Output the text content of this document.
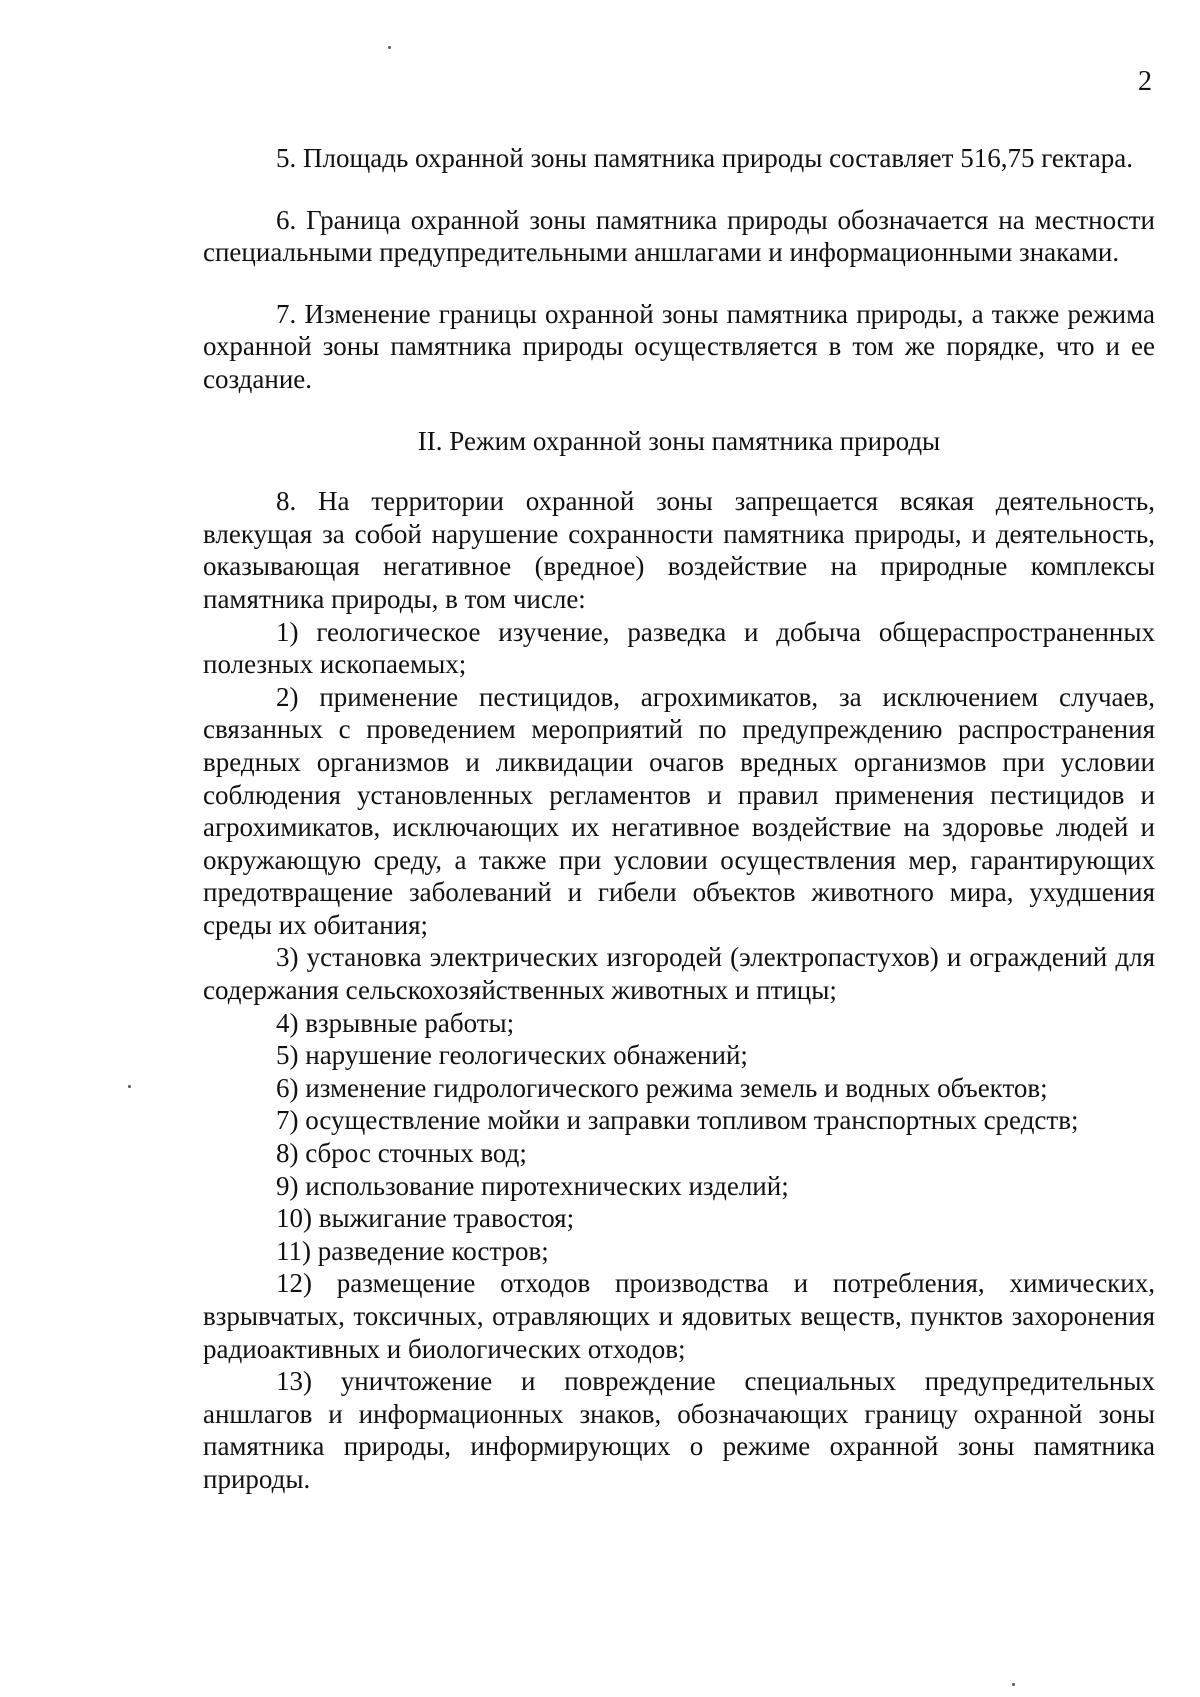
2

5. Площадь охранной зоны памятника природы составляет 516,75 гектара.

6. Граница охранной зоны памятника природы обозначается на местности специальными предупредительными аншлагами и информационными знаками.

7. Изменение границы охранной зоны памятника природы, а также режима охранной зоны памятника природы осуществляется в том же порядке, что и ее создание.

II. Режим охранной зоны памятника природы

8. На территории охранной зоны запрещается всякая деятельность, влекущая за собой нарушение сохранности памятника природы, и деятельность, оказывающая негативное (вредное) воздействие на природные комплексы памятника природы, в том числе:

1) геологическое изучение, разведка и добыча общераспространенных полезных ископаемых;

2) применение пестицидов, агрохимикатов, за исключением случаев, связанных с проведением мероприятий по предупреждению распространения вредных организмов и ликвидации очагов вредных организмов при условии соблюдения установленных регламентов и правил применения пестицидов и агрохимикатов, исключающих их негативное воздействие на здоровье людей и окружающую среду, а также при условии осуществления мер, гарантирующих предотвращение заболеваний и гибели объектов животного мира, ухудшения среды их обитания;

3) установка электрических изгородей (электропастухов) и ограждений для содержания сельскохозяйственных животных и птицы;

4) взрывные работы;

5) нарушение геологических обнажений;

6) изменение гидрологического режима земель и водных объектов;

7) осуществление мойки и заправки топливом транспортных средств;

8) сброс сточных вод;

9) использование пиротехнических изделий;

10) выжигание травостоя;

11) разведение костров;

12) размещение отходов производства и потребления, химических, взрывчатых, токсичных, отравляющих и ядовитых веществ, пунктов захоронения радиоактивных и биологических отходов;

13) уничтожение и повреждение специальных предупредительных аншлагов и информационных знаков, обозначающих границу охранной зоны памятника природы, информирующих о режиме охранной зоны памятника природы.
